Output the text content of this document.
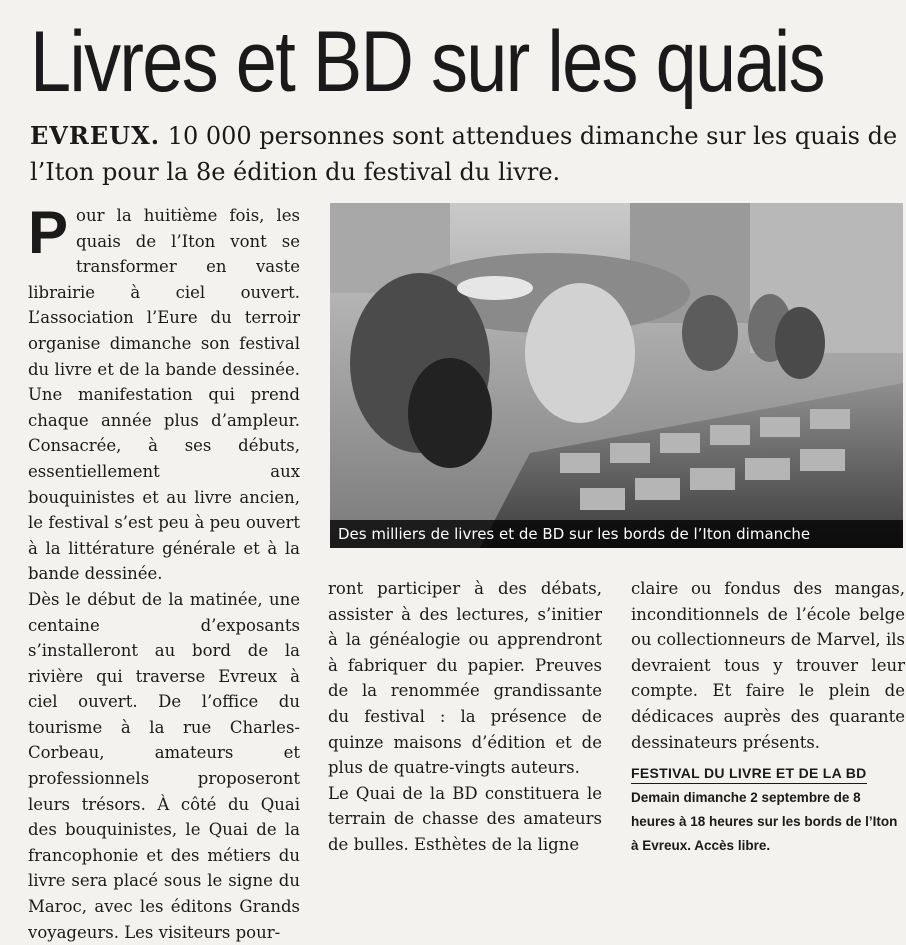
Livres et BD sur les quais
EVREUX. 10 000 personnes sont attendues dimanche sur les quais de l’Iton pour la 8e édition du festival du livre.
P our la huitième fois, les quais de l’Iton vont se transformer en vaste librairie à ciel ouvert. L’association l’Eure du terroir organise dimanche son festival du livre et de la bande dessinée. Une manifestation qui prend chaque année plus d’ampleur. Consacrée, à ses débuts, essentiellement aux bouquinistes et au livre ancien, le festival s’est peu à peu ouvert à la littérature générale et à la bande dessinée.

Dès le début de la matinée, une centaine d’exposants s’installeront au bord de la rivière qui traverse Evreux à ciel ouvert. De l’office du tourisme à la rue Charles-Corbeau, amateurs et professionnels proposeront leurs trésors. À côté du Quai des bouquinistes, le Quai de la francophonie et des métiers du livre sera placé sous le signe du Maroc, avec les éditons Grands voyageurs. Les visiteurs pour-

Des milliers de livres et de BD sur les bords de l’Iton dimanche

ront participer à des débats, assister à des lectures, s’initier à la généalogie ou apprendront à fabriquer du papier. Preuves de la renommée grandissante du festival : la présence de quinze maisons d’édition et de plus de quatre-vingts auteurs.

Le Quai de la BD constituera le terrain de chasse des amateurs de bulles. Esthètes de la ligne

claire ou fondus des mangas, inconditionnels de l’école belge ou collectionneurs de Marvel, ils devraient tous y trouver leur compte. Et faire le plein de dédicaces auprès des quarante dessinateurs présents.

FESTIVAL DU LIVRE ET DE LA BD

Demain dimanche 2 septembre de 8 heures à 18 heures sur les bords de l’Iton à Evreux. Accès libre.
